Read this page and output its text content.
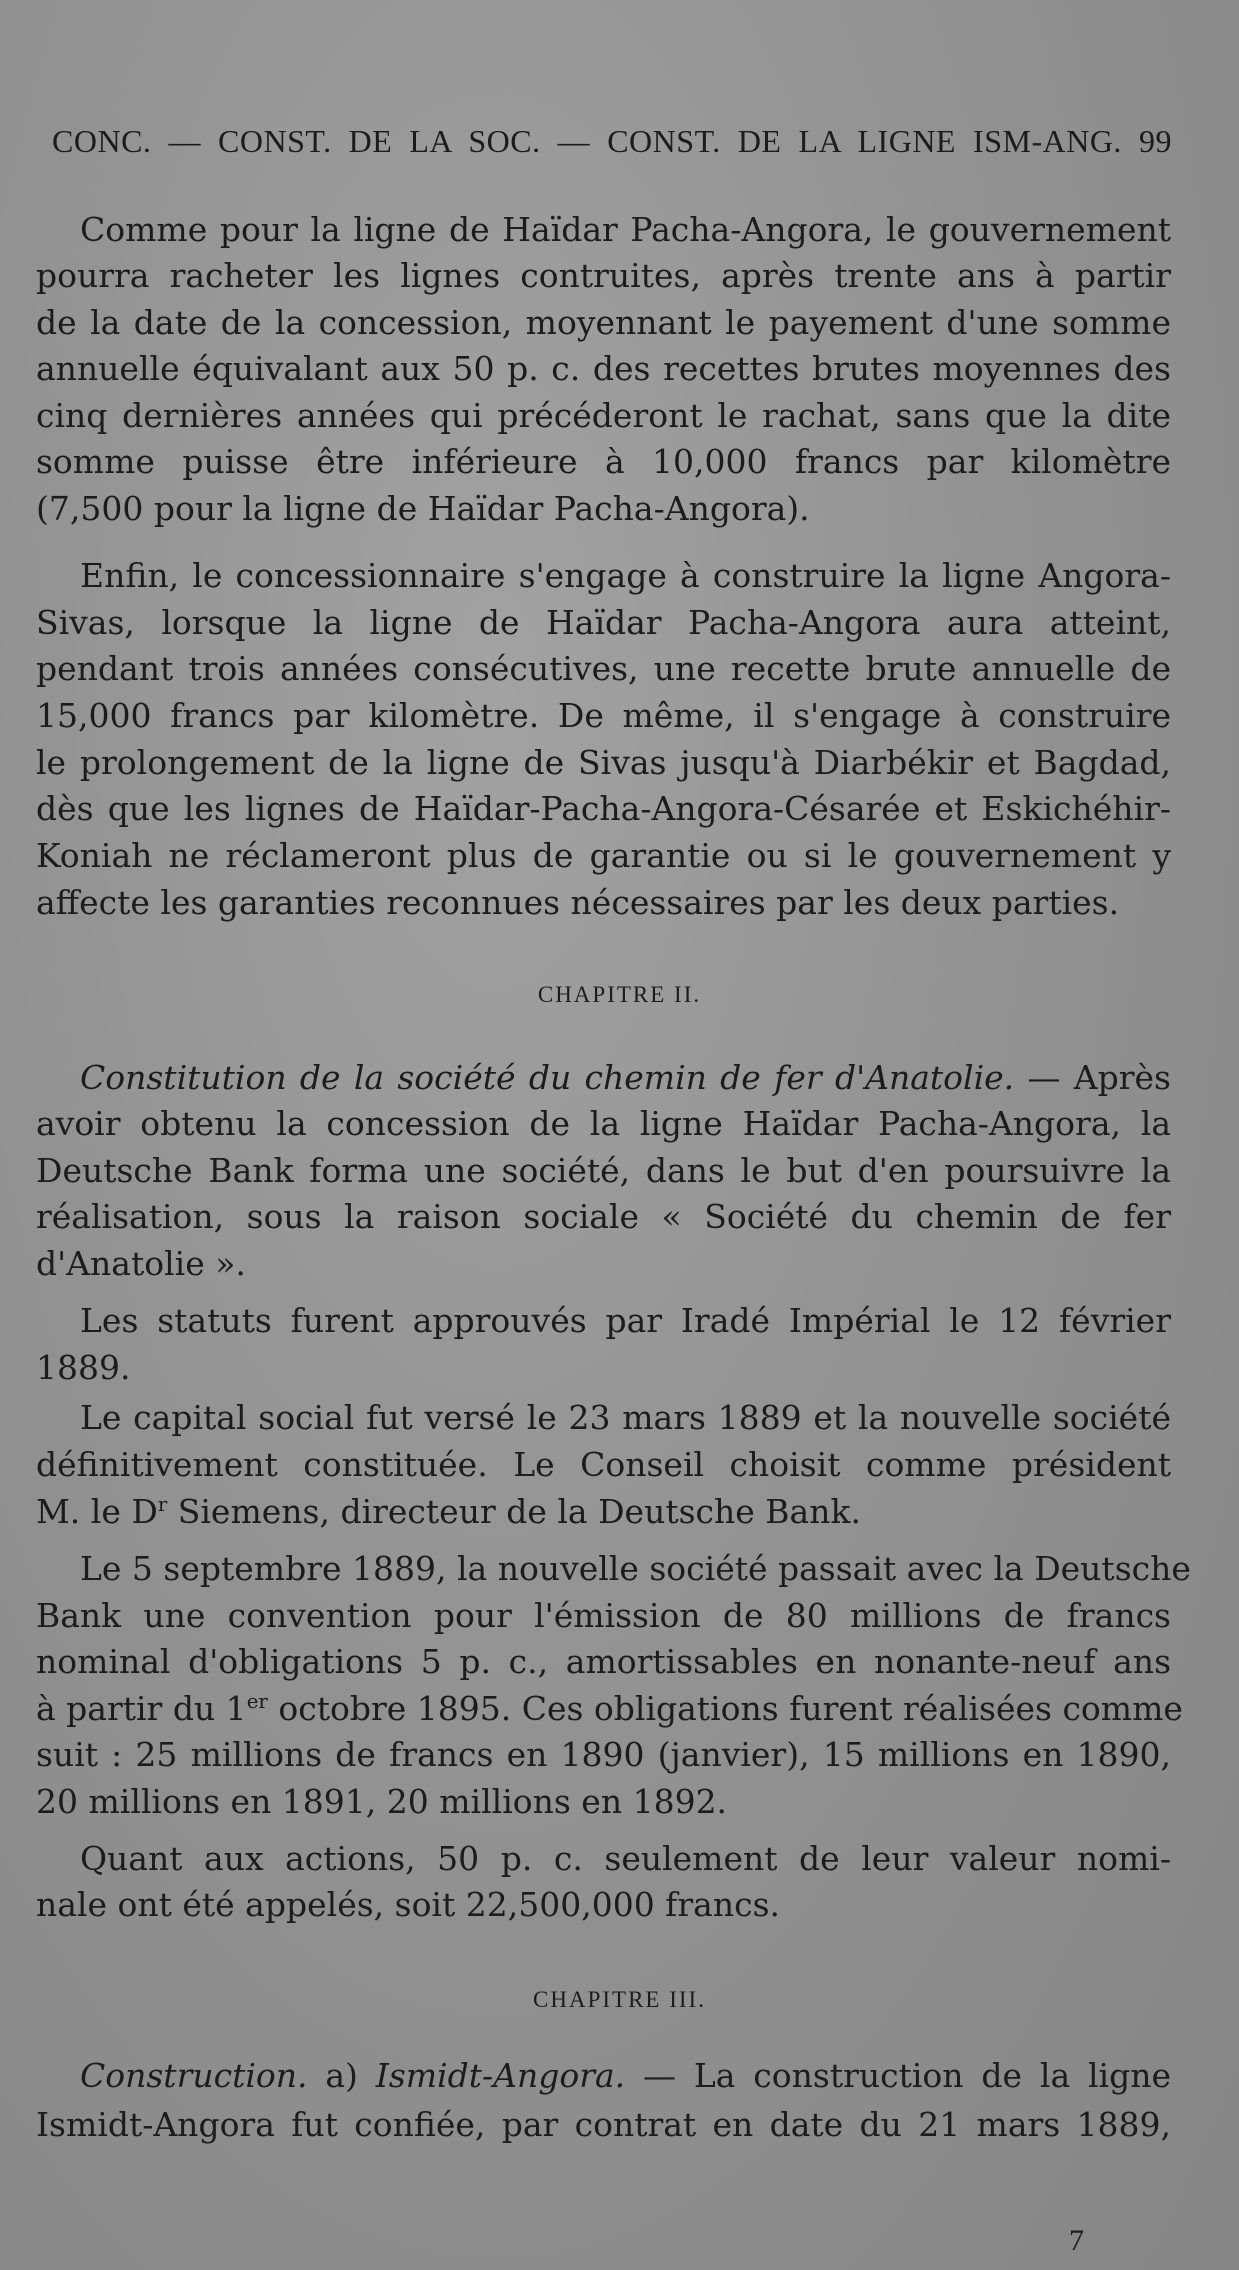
CONC. — CONST. DE LA SOC. — CONST. DE LA LIGNE ISM-ANG. 99
Comme pour la ligne de Haïdar Pacha-Angora, le gouvernement
pourra racheter les lignes contruites, après trente ans à partir
de la date de la concession, moyennant le payement d'une somme
annuelle équivalant aux 50 p. c. des recettes brutes moyennes des
cinq dernières années qui précéderont le rachat, sans que la dite
somme puisse être inférieure à 10,000 francs par kilomètre
(7,500 pour la ligne de Haïdar Pacha-Angora).
Enfin, le concessionnaire s'engage à construire la ligne Angora-
Sivas, lorsque la ligne de Haïdar Pacha-Angora aura atteint,
pendant trois années consécutives, une recette brute annuelle de
15,000 francs par kilomètre. De même, il s'engage à construire
le prolongement de la ligne de Sivas jusqu'à Diarbékir et Bagdad,
dès que les lignes de Haïdar-Pacha-Angora-Césarée et Eskichéhir-
Koniah ne réclameront plus de garantie ou si le gouvernement y
affecte les garanties reconnues nécessaires par les deux parties.
CHAPITRE II.
Constitution de la société du chemin de fer d'Anatolie. — Après
avoir obtenu la concession de la ligne Haïdar Pacha-Angora, la
Deutsche Bank forma une société, dans le but d'en poursuivre la
réalisation, sous la raison sociale « Société du chemin de fer
d'Anatolie ».
Les statuts furent approuvés par Iradé Impérial le 12 février
1889.
Le capital social fut versé le 23 mars 1889 et la nouvelle société
définitivement constituée. Le Conseil choisit comme président
M. le $D^r$ Siemens, directeur de la Deutsche Bank.
Le 5 septembre 1889, la nouvelle société passait avec la Deutsche
Bank une convention pour l'émission de 80 millions de francs
nominal d'obligations 5 p. c., amortissables en nonante-neuf ans
à partir du 1er octobre 1895. Ces obligations furent réalisées comme
suit : 25 millions de francs en 1890 (janvier), 15 millions en 1890,
20 millions en 1891, 20 millions en 1892.
Quant aux actions, 50 p. c. seulement de leur valeur nomi-
nale ont été appelés, soit 22,500,000 francs.
CHAPITRE III.
Construction. a) Ismidt-Angora. — La construction de la ligne
Ismidt-Angora fut confiée, par contrat en date du 21 mars 1889,
7
